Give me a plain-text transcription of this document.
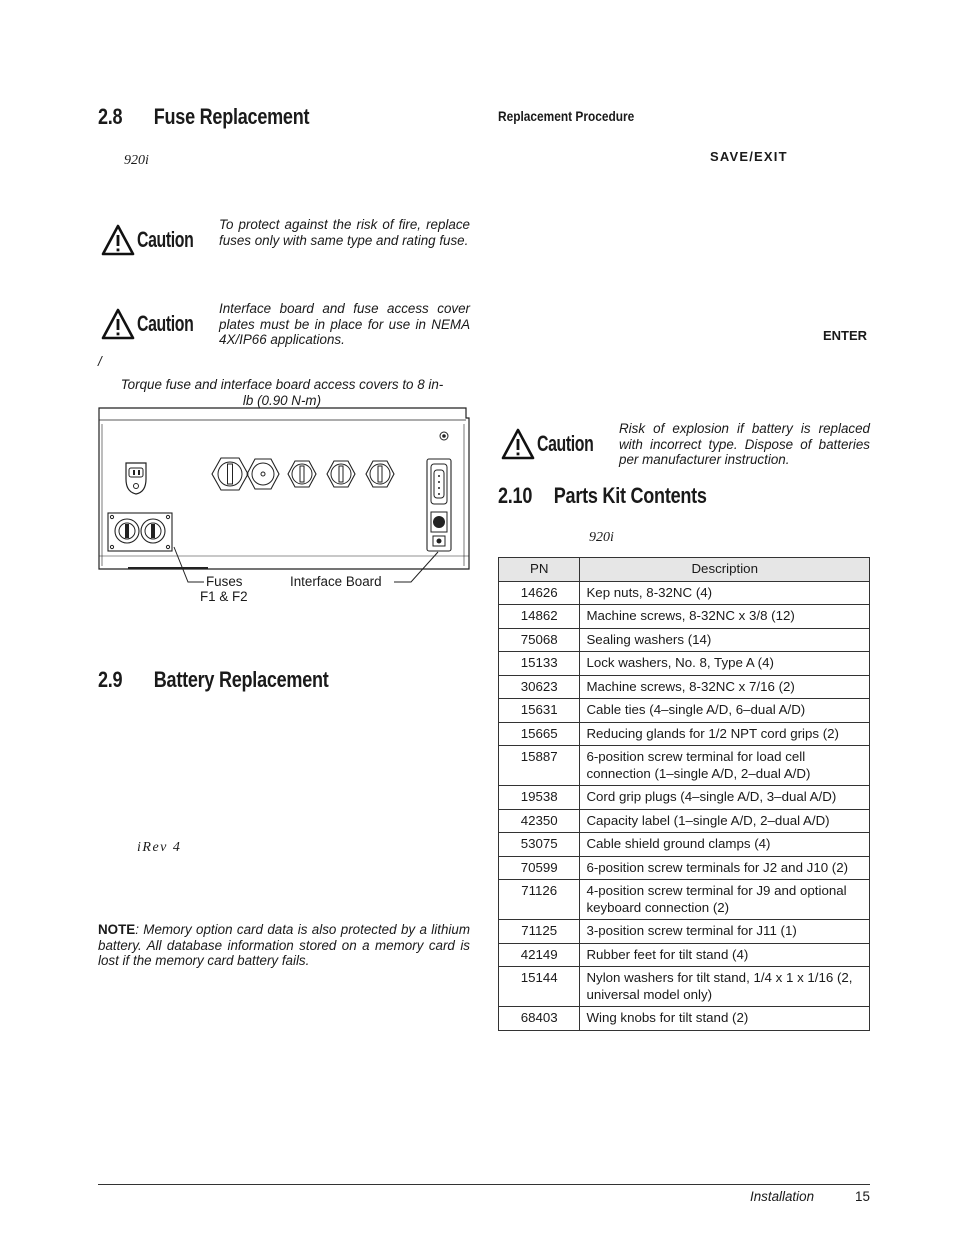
2.8 Fuse Replacement
920i
Caution
To protect against the risk of fire, replace fuses only with same type and rating fuse.
Caution
Interface board and fuse access cover plates must be in place for use in NEMA 4X/IP66 applications.
/
Torque fuse and interface board access covers to 8 in-lb (0.90 N-m)
Fuses
F1 & F2
Interface Board
2.9 Battery Replacement
iRev 4
NOTE: Memory option card data is also protected by a lithium battery. All database information stored on a memory card is lost if the memory card battery fails.
Replacement Procedure
SAVE/EXIT
ENTER
Caution
Risk of explosion if battery is replaced with incorrect type. Dispose of batteries per manufacturer instruction.
2.10 Parts Kit Contents
920i
PN	Description
14626	Kep nuts, 8-32NC (4)
14862	Machine screws, 8-32NC x 3/8 (12)
75068	Sealing washers (14)
15133	Lock washers, No. 8, Type A (4)
30623	Machine screws, 8-32NC x 7/16 (2)
15631	Cable ties (4–single A/D, 6–dual A/D)
15665	Reducing glands for 1/2 NPT cord grips (2)
15887	6-position screw terminal for load cell connection (1–single A/D, 2–dual A/D)
19538	Cord grip plugs (4–single A/D, 3–dual A/D)
42350	Capacity label (1–single A/D, 2–dual A/D)
53075	Cable shield ground clamps (4)
70599	6-position screw terminals for J2 and J10 (2)
71126	4-position screw terminal for J9 and optional keyboard connection (2)
71125	3-position screw terminal for J11 (1)
42149	Rubber feet for tilt stand (4)
15144	Nylon washers for tilt stand, 1/4 x 1 x 1/16 (2, universal model only)
68403	Wing knobs for tilt stand (2)
Installation	15
